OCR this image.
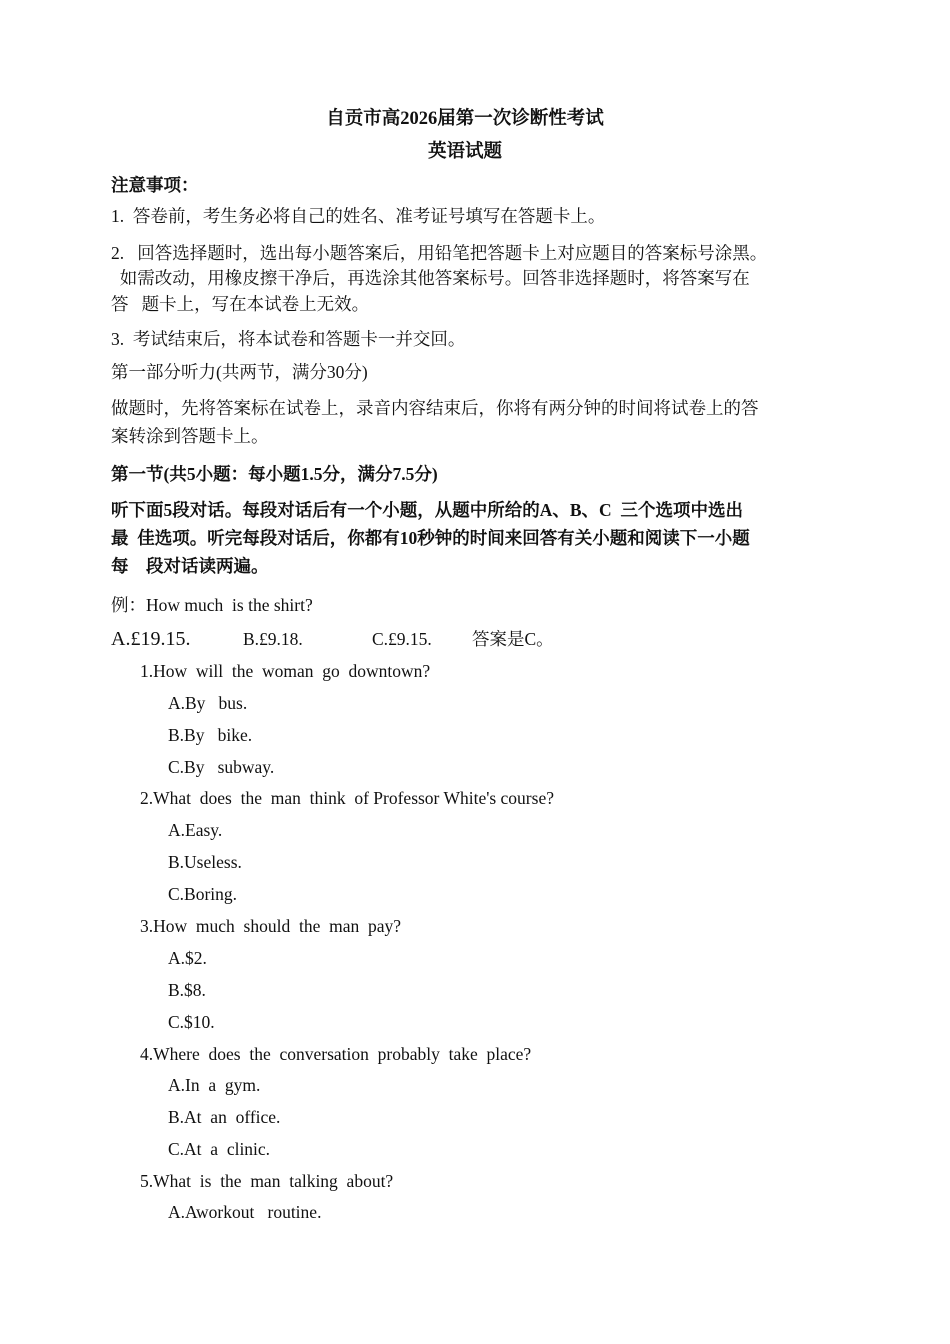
自贡市高2026届第一次诊断性考试

英语试题

注意事项：

1.  答卷前，考生务必将自己的姓名、准考证号填写在答题卡上。

2.   回答选择题时，选出每小题答案后，用铅笔把答题卡上对应题目的答案标号涂黑。

如需改动，用橡皮擦干净后，再选涂其他答案标号。回答非选择题时，将答案写在

答   题卡上，写在本试卷上无效。

3.  考试结束后，将本试卷和答题卡一并交回。

第一部分听力(共两节，满分30分)

做题时，先将答案标在试卷上，录音内容结束后，你将有两分钟的时间将试卷上的答

案转涂到答题卡上。

第一节(共5小题：每小题1.5分，满分7.5分)

听下面5段对话。每段对话后有一个小题，从题中所给的A、B、C  三个选项中选出

最  佳选项。听完每段对话后，你都有10秒钟的时间来回答有关小题和阅读下一小题

每    段对话读两遍。

例：How much  is the shirt?

A.£19.15.	B.£9.18.	C.£9.15. 答案是C。

1.How  will  the  woman  go  downtown?

A.By   bus.

B.By   bike.

C.By   subway.

2.What  does  the  man  think  of Professor White's course?

A.Easy.

B.Useless.

C.Boring.

3.How  much  should  the  man  pay?

A.$2.

B.$8.

C.$10.

4.Where  does  the  conversation  probably  take  place?

A.In  a  gym.

B.At  an  office.

C.At  a  clinic.

5.What  is  the  man  talking  about?

A.Aworkout   routine.
